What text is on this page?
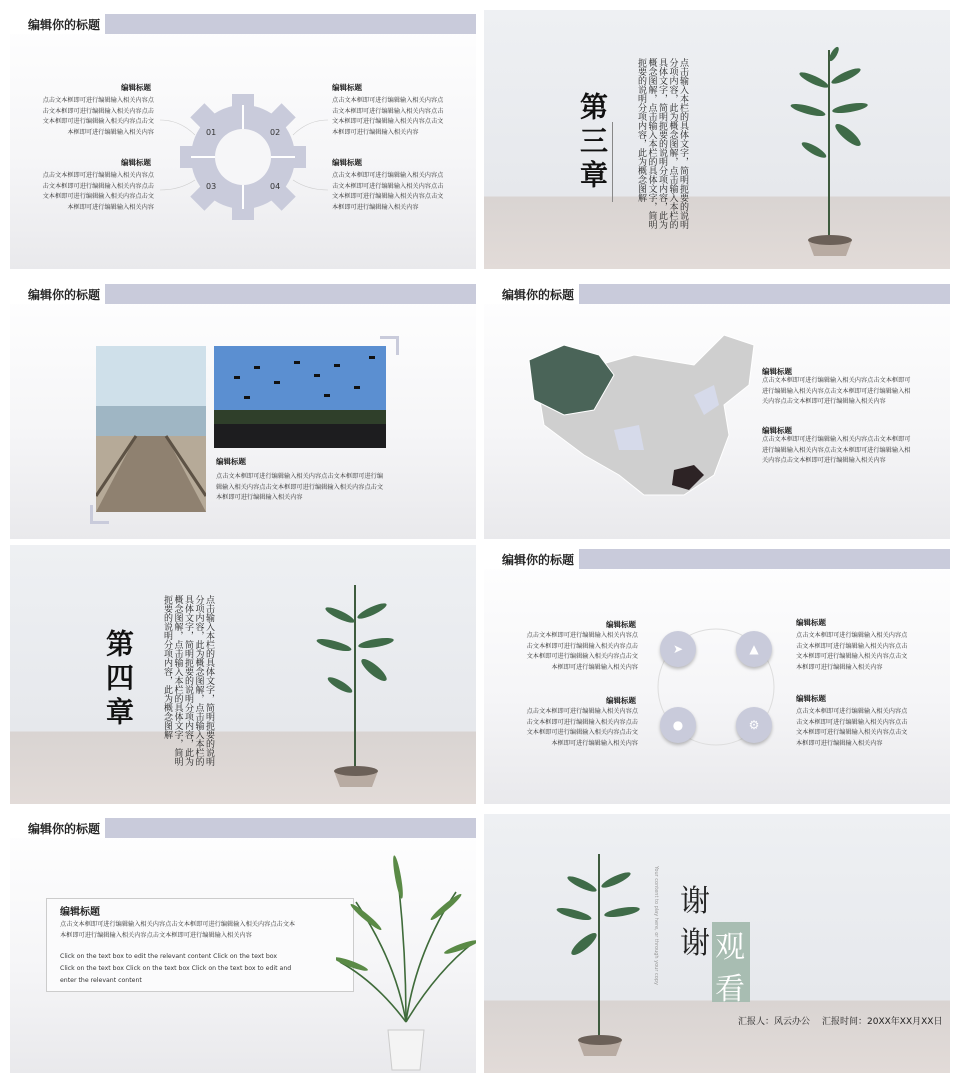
编辑你的标题
01	02
03	04
编辑标题
点击文本框即可进行编辑输入相关内容点击文本框即可进行编辑输入相关内容点击文本框即可进行编辑输入相关内容点击文本框即可进行编辑输入相关内容
编辑标题
点击文本框即可进行编辑输入相关内容点击文本框即可进行编辑输入相关内容点击文本框即可进行编辑输入相关内容点击文本框即可进行编辑输入相关内容
编辑标题
点击文本框即可进行编辑输入相关内容点击文本框即可进行编辑输入相关内容点击文本框即可进行编辑输入相关内容点击文本框即可进行编辑输入相关内容
编辑标题
点击文本框即可进行编辑输入相关内容点击文本框即可进行编辑输入相关内容点击文本框即可进行编辑输入相关内容点击文本框即可进行编辑输入相关内容
第三章	点击输入本栏的具体文字，简明扼要的说明分项内容，此为概念图解，点击输入本栏的具体文字，简明扼要的说明分项内容，此为概念图解，点击输入本栏的具体文字，简明扼要的说明分项内容，此为概念图解
编辑你的标题
编辑标题
点击文本框即可进行编辑输入相关内容点击文本框即可进行编辑输入相关内容点击文本框即可进行编辑输入相关内容点击文本框即可进行编辑输入相关内容
编辑你的标题
编辑标题
点击文本框即可进行编辑输入相关内容点击文本框即可进行编辑输入相关内容点击文本框即可进行编辑输入相关内容点击文本框即可进行编辑输入相关内容
编辑标题
点击文本框即可进行编辑输入相关内容点击文本框即可进行编辑输入相关内容点击文本框即可进行编辑输入相关内容点击文本框即可进行编辑输入相关内容
第四章	点击输入本栏的具体文字，简明扼要的说明分项内容，此为概念图解，点击输入本栏的具体文字，简明扼要的说明分项内容，此为概念图解，点击输入本栏的具体文字，简明扼要的说明分项内容，此为概念图解
编辑你的标题
➤	▲
●	⚙
编辑标题
点击文本框即可进行编辑输入相关内容点击文本框即可进行编辑输入相关内容点击文本框即可进行编辑输入相关内容点击文本框即可进行编辑输入相关内容
编辑标题
点击文本框即可进行编辑输入相关内容点击文本框即可进行编辑输入相关内容点击文本框即可进行编辑输入相关内容点击文本框即可进行编辑输入相关内容
编辑标题
点击文本框即可进行编辑输入相关内容点击文本框即可进行编辑输入相关内容点击文本框即可进行编辑输入相关内容点击文本框即可进行编辑输入相关内容
编辑标题
点击文本框即可进行编辑输入相关内容点击文本框即可进行编辑输入相关内容点击文本框即可进行编辑输入相关内容点击文本框即可进行编辑输入相关内容
编辑你的标题
编辑标题
点击文本框即可进行编辑输入相关内容点击文本框即可进行编辑输入相关内容点击文本
本框即可进行编辑输入相关内容点击文本框即可进行编辑输入相关内容
Click on the text box to edit the relevant content Click on the text box Click on the text box Click on the text box Click on the text box to edit and enter the relevant content	Your content to play here, or through your copy 谢
谢 观
看
汇报人：风云办公 汇报时间：20XX年XX月XX日
